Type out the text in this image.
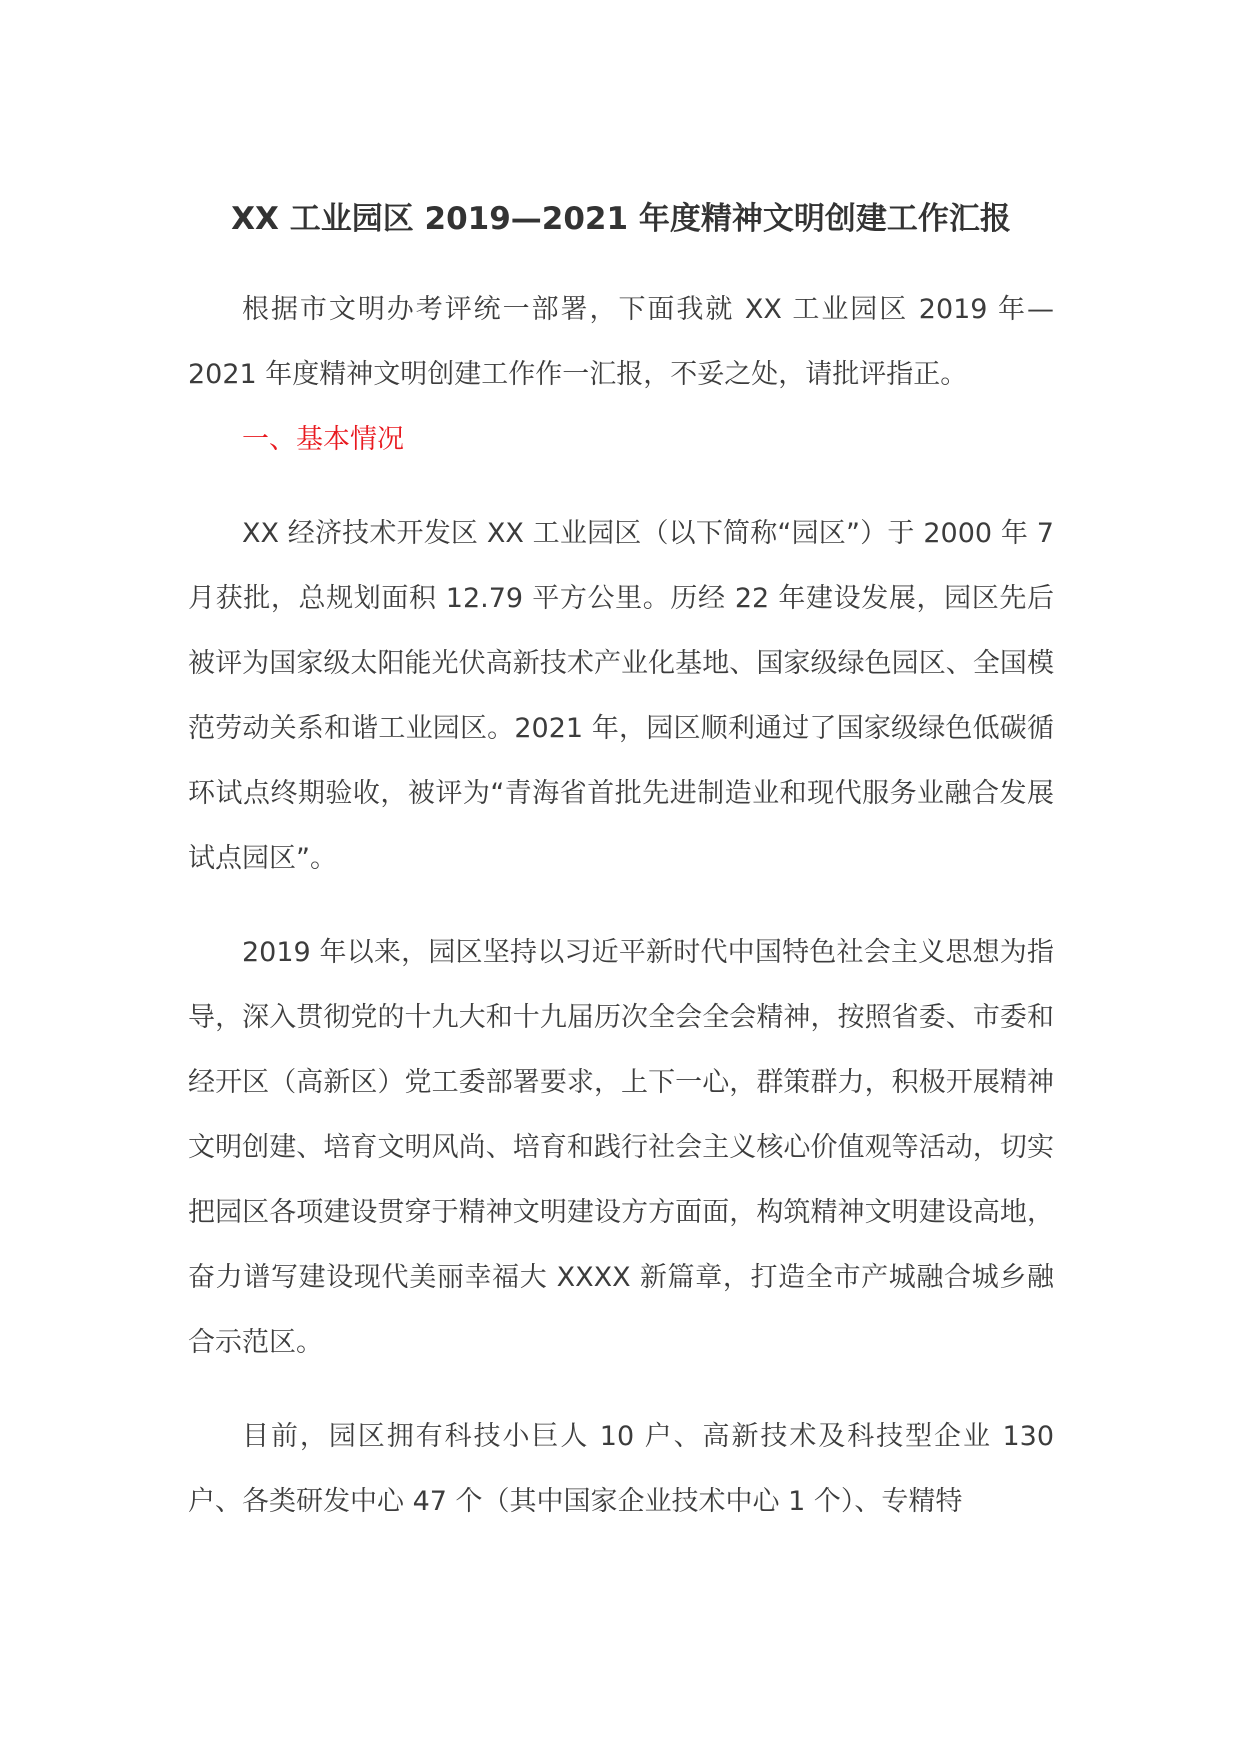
XX 工业园区 2019—2021 年度精神文明创建工作汇报

根据市文明办考评统一部署，下面我就 XX 工业园区 2019 年—2021 年度精神文明创建工作作一汇报，不妥之处，请批评指正。

一、基本情况

XX 经济技术开发区 XX 工业园区（以下简称“园区”）于 2000 年 7 月获批，总规划面积 12.79 平方公里。历经 22 年建设发展，园区先后被评为国家级太阳能光伏高新技术产业化基地、国家级绿色园区、全国模范劳动关系和谐工业园区。2021 年，园区顺利通过了国家级绿色低碳循环试点终期验收，被评为“青海省首批先进制造业和现代服务业融合发展试点园区”。

2019 年以来，园区坚持以习近平新时代中国特色社会主义思想为指导，深入贯彻党的十九大和十九届历次全会全会精神，按照省委、市委和经开区（高新区）党工委部署要求，上下一心，群策群力，积极开展精神文明创建、培育文明风尚、培育和践行社会主义核心价值观等活动，切实把园区各项建设贯穿于精神文明建设方方面面，构筑精神文明建设高地，奋力谱写建设现代美丽幸福大 XXXX 新篇章，打造全市产城融合城乡融合示范区。

目前，园区拥有科技小巨人 10 户、高新技术及科技型企业 130 户、各类研发中心 47 个（其中国家企业技术中心 1 个）、专精特
